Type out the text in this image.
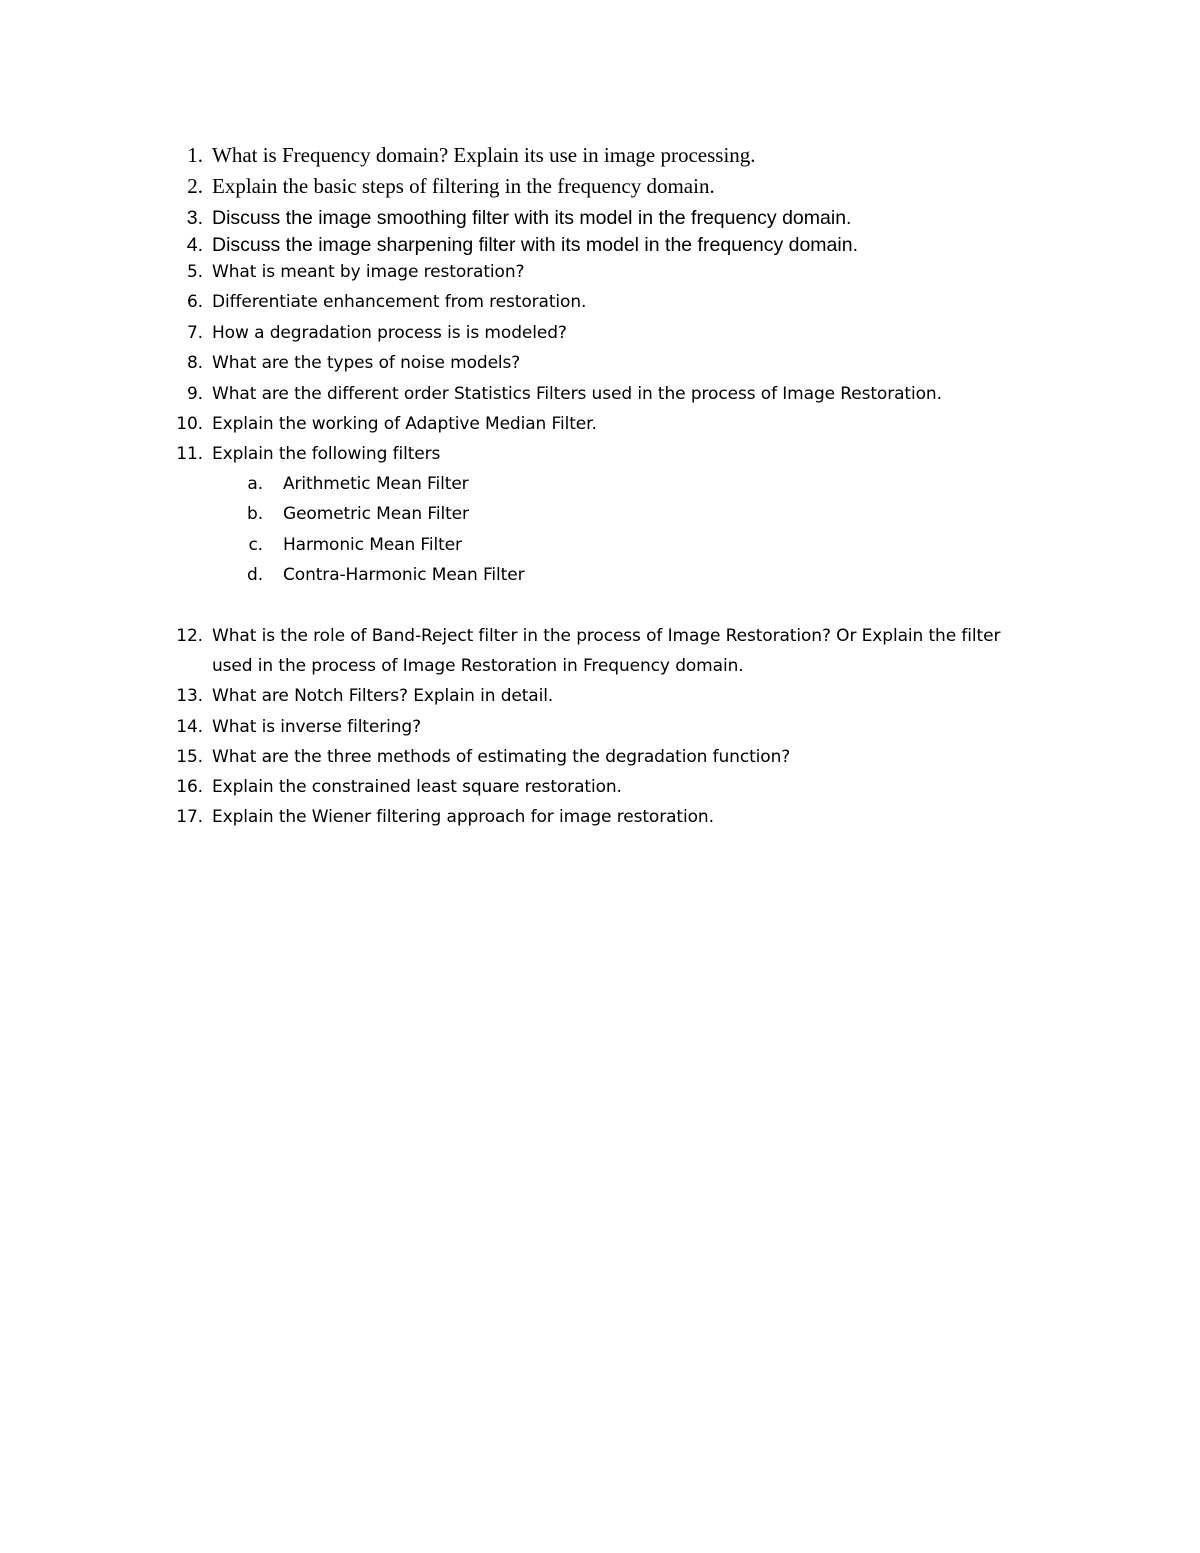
1. What is Frequency domain? Explain its use in image processing.
2. Explain the basic steps of filtering in the frequency domain.
3. Discuss the image smoothing filter with its model in the frequency domain.
4. Discuss the image sharpening filter with its model in the frequency domain.
5. What is meant by image restoration?
6. Differentiate enhancement from restoration.
7. How a degradation process is is modeled?
8. What are the types of noise models?
9. What are the different order Statistics Filters used in the process of Image Restoration.
10. Explain the working of Adaptive Median Filter.
11. Explain the following filters
a. Arithmetic Mean Filter
b. Geometric Mean Filter
c. Harmonic Mean Filter
d. Contra-Harmonic Mean Filter
12. What is the role of Band-Reject filter in the process of Image Restoration? Or Explain the filter
used in the process of Image Restoration in Frequency domain.
13. What are Notch Filters? Explain in detail.
14. What is inverse filtering?
15. What are the three methods of estimating the degradation function?
16. Explain the constrained least square restoration.
17. Explain the Wiener filtering approach for image restoration.
